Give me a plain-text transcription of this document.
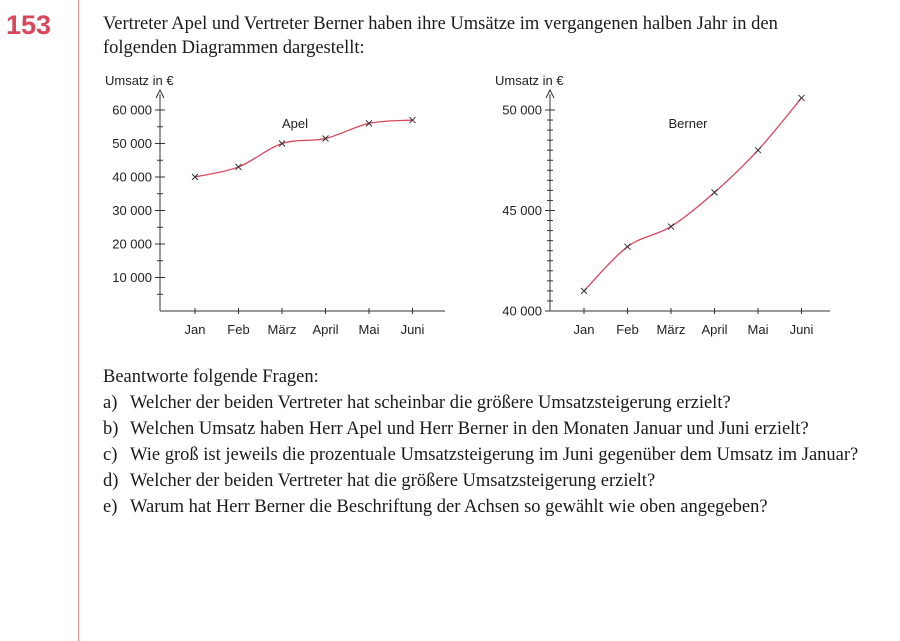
153	Vertreter Apel und Vertreter Berner haben ihre Umsätze im vergangenen halben Jahr in den folgenden Diagrammen dargestellt:
Umsatz in €
10 000
20 000
30 000
40 000
50 000
60 000
Jan Feb März April Mai Juni
Apel
Umsatz in €
40 000
45 000
50 000
Jan Feb März April Mai Juni
Berner

Beantworte folgende Fragen:

a) Welcher der beiden Vertreter hat scheinbar die größere Umsatzsteigerung erzielt?
b) Welchen Umsatz haben Herr Apel und Herr Berner in den Monaten Januar und Juni erzielt?
c) Wie groß ist jeweils die prozentuale Umsatzsteigerung im Juni gegenüber dem Umsatz im Januar?
d) Welcher der beiden Vertreter hat die größere Umsatzsteigerung erzielt?
e) Warum hat Herr Berner die Beschriftung der Achsen so gewählt wie oben angegeben?
